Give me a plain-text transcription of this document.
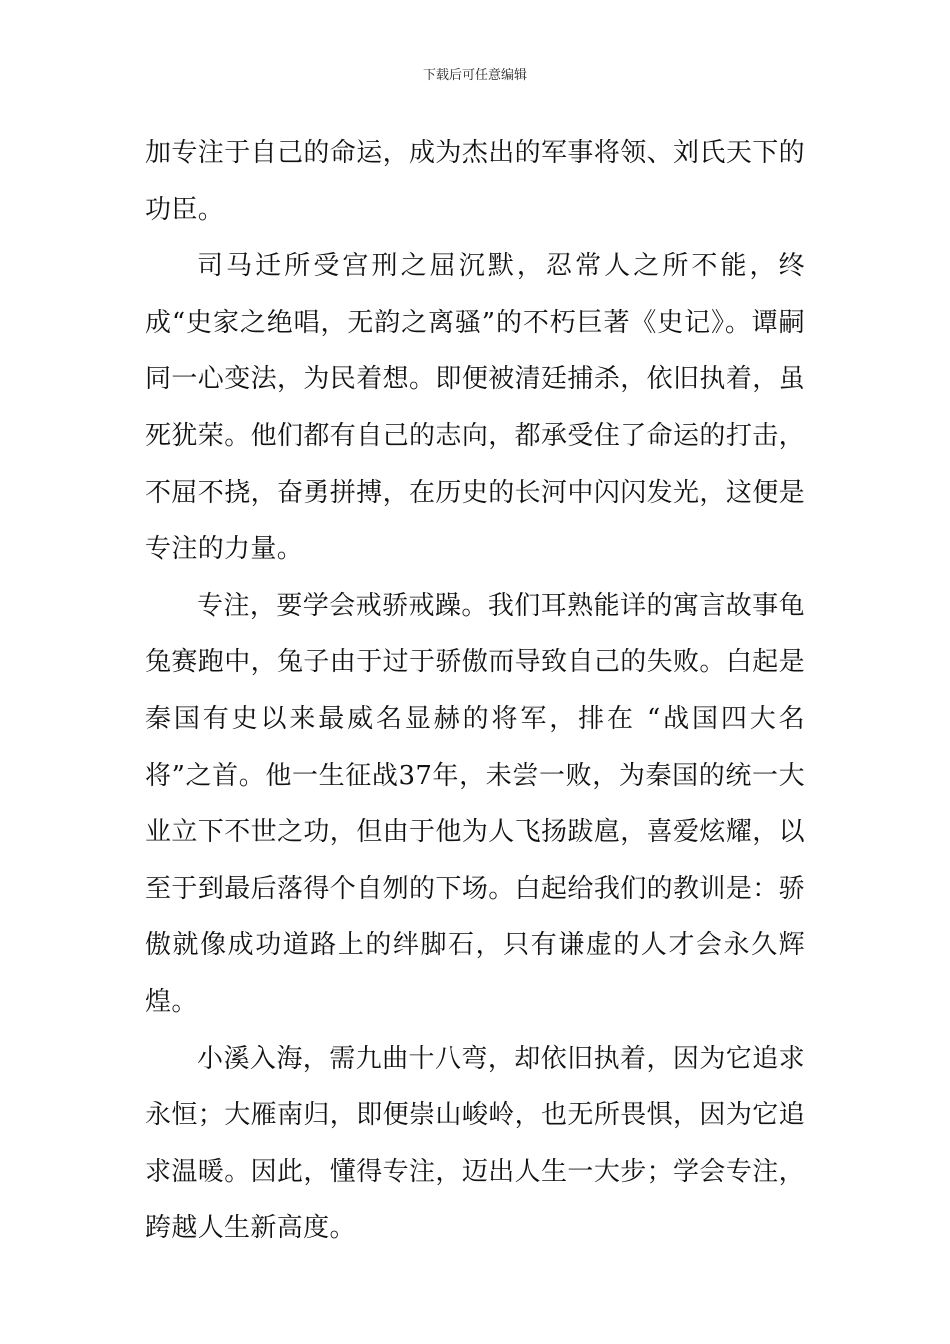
下载后可任意编辑

加专注于自己的命运，成为杰出的军事将领、刘氏天下的功臣。

司马迁所受宫刑之屈沉默，忍常人之所不能，终成“史家之绝唱，无韵之离骚”的不朽巨著《史记》。谭嗣同一心变法，为民着想。即便被清廷捕杀，依旧执着，虽死犹荣。他们都有自己的志向，都承受住了命运的打击，不屈不挠，奋勇拼搏，在历史的长河中闪闪发光，这便是专注的力量。

专注，要学会戒骄戒躁。我们耳熟能详的寓言故事龟兔赛跑中，兔子由于过于骄傲而导致自己的失败。白起是秦国有史以来最威名显赫的将军，排在 “战国四大名将”之首。他一生征战37年，未尝一败，为秦国的统一大业立下不世之功，但由于他为人飞扬跋扈，喜爱炫耀，以至于到最后落得个自刎的下场。白起给我们的教训是：骄傲就像成功道路上的绊脚石，只有谦虚的人才会永久辉煌。

小溪入海，需九曲十八弯，却依旧执着，因为它追求永恒；大雁南归，即便崇山峻岭，也无所畏惧，因为它追求温暖。因此，懂得专注，迈出人生一大步；学会专注，跨越人生新高度。
